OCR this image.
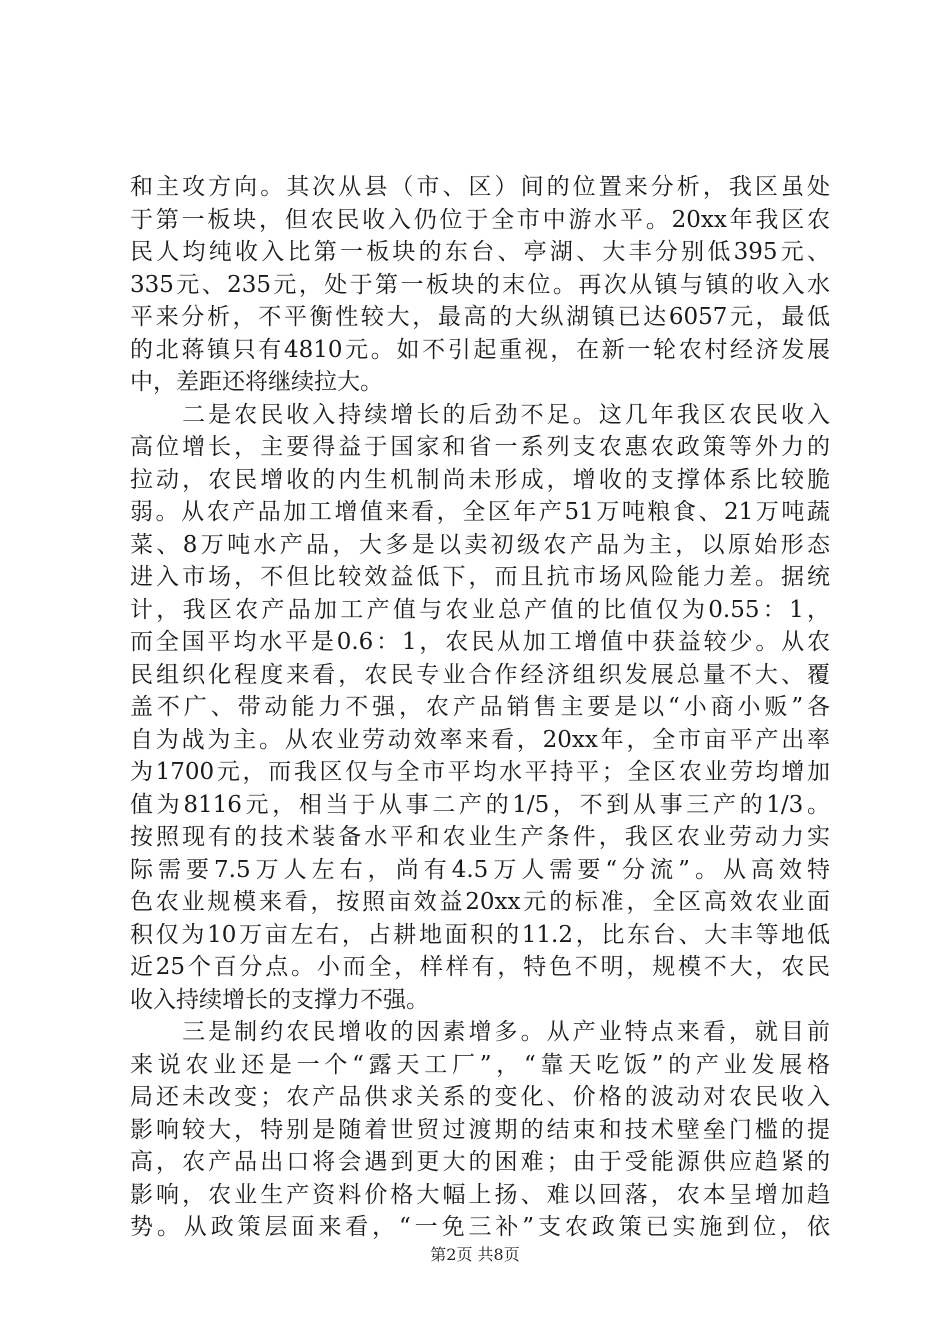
和主攻方向。其次从县（市、区）间的位置来分析，我区虽处
于第一板块，但农民收入仍位于全市中游水平。20xx年我区农
民人均纯收入比第一板块的东台、亭湖、大丰分别低395元、
335元、235元，处于第一板块的末位。再次从镇与镇的收入水
平来分析，不平衡性较大，最高的大纵湖镇已达6057元，最低
的北蒋镇只有4810元。如不引起重视，在新一轮农村经济发展
中，差距还将继续拉大。
　　二是农民收入持续增长的后劲不足。这几年我区农民收入
高位增长，主要得益于国家和省一系列支农惠农政策等外力的
拉动，农民增收的内生机制尚未形成，增收的支撑体系比较脆
弱。从农产品加工增值来看，全区年产51万吨粮食、21万吨蔬
菜、8万吨水产品，大多是以卖初级农产品为主，以原始形态
进入市场，不但比较效益低下，而且抗市场风险能力差。据统
计，我区农产品加工产值与农业总产值的比值仅为0.55：1，
而全国平均水平是0.6：1，农民从加工增值中获益较少。从农
民组织化程度来看，农民专业合作经济组织发展总量不大、覆
盖不广、带动能力不强，农产品销售主要是以“小商小贩”各
自为战为主。从农业劳动效率来看，20xx年，全市亩平产出率
为1700元，而我区仅与全市平均水平持平；全区农业劳均增加
值为8116元，相当于从事二产的1/5，不到从事三产的1/3。
按照现有的技术装备水平和农业生产条件，我区农业劳动力实
际需要7.5万人左右，尚有4.5万人需要“分流”。从高效特
色农业规模来看，按照亩效益20xx元的标准，全区高效农业面
积仅为10万亩左右，占耕地面积的11.2，比东台、大丰等地低
近25个百分点。小而全，样样有，特色不明，规模不大，农民
收入持续增长的支撑力不强。
　　三是制约农民增收的因素增多。从产业特点来看，就目前
来说农业还是一个“露天工厂”，“靠天吃饭”的产业发展格
局还未改变；农产品供求关系的变化、价格的波动对农民收入
影响较大，特别是随着世贸过渡期的结束和技术壁垒门槛的提
高，农产品出口将会遇到更大的困难；由于受能源供应趋紧的
影响，农业生产资料价格大幅上扬、难以回落，农本呈增加趋
势。从政策层面来看，“一免三补”支农政策已实施到位，依
第2页 共8页
